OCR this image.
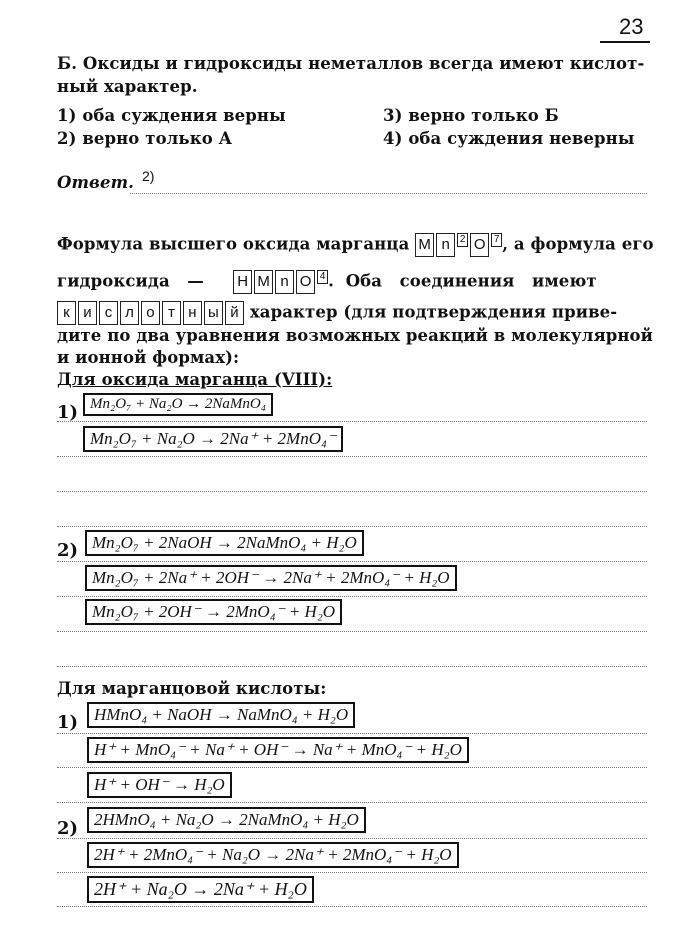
23
Б. Оксиды и гидроксиды неметаллов всегда имеют кислот-
ный характер.
1) оба суждения верны
2) верно только А
3) верно только Б
4) оба суждения неверны
Ответ. 2)
Формула высшего оксида марганца M n 2 O 7 , а формула его
гидроксида   — H M n O 4 .  Оба   соединения   имеют
к и с л о т н ы й характер (для подтверждения приве-
дите по два уравнения возможных реакций в молекулярной
и ионной формах):
Для оксида марганца (VIII):
1) Mn₂O₇ + Na₂O → 2NaMnO₄
Mn₂O₇ + Na₂O → 2Na⁺ + 2MnO₄⁻
2) Mn₂O₇ + 2NaOH → 2NaMnO₄ + H₂O
Mn₂O₇ + 2Na⁺ + 2OH⁻ → 2Na⁺ + 2MnO₄⁻ + H₂O
Mn₂O₇ + 2OH⁻ → 2MnO₄⁻ + H₂O
Для марганцовой кислоты:
1) HMnO₄ + NaOH → NaMnO₄ + H₂O
H⁺ + MnO₄⁻ + Na⁺ + OH⁻ → Na⁺ + MnO₄⁻ + H₂O
H⁺ + OH⁻ → H₂O
2) 2HMnO₄ + Na₂O → 2NaMnO₄ + H₂O
2H⁺ + 2MnO₄⁻ + Na₂O → 2Na⁺ + 2MnO₄⁻ + H₂O
2H⁺ + Na₂O → 2Na⁺ + H₂O
